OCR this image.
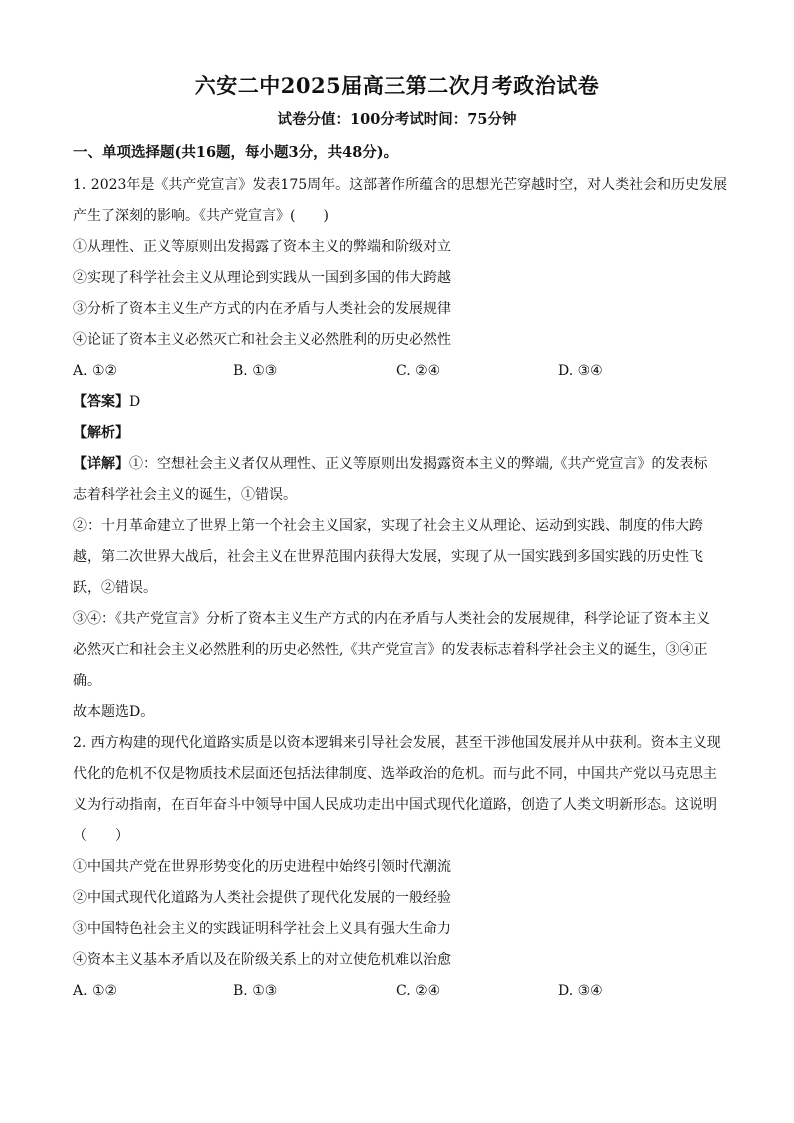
六安二中2025届高三第二次月考政治试卷
试卷分值：100分考试时间：75分钟
一、单项选择题(共16题，每小题3分，共48分)。
1. 2023年是《共产党宣言》发表175周年。这部著作所蕴含的思想光芒穿越时空，对人类社会和历史发展
产生了深刻的影响。《共产党宣言》(　　)
①从理性、正义等原则出发揭露了资本主义的弊端和阶级对立
②实现了科学社会主义从理论到实践从一国到多国的伟大跨越
③分析了资本主义生产方式的内在矛盾与人类社会的发展规律
④论证了资本主义必然灭亡和社会主义必然胜利的历史必然性
A. ①②	B. ①③	C. ②④	D. ③④
【答案】D
【解析】
【详解】①：空想社会主义者仅从理性、正义等原则出发揭露资本主义的弊端,《共产党宣言》的发表标
志着科学社会主义的诞生，①错误。
②：十月革命建立了世界上第一个社会主义国家，实现了社会主义从理论、运动到实践、制度的伟大跨
越，第二次世界大战后，社会主义在世界范围内获得大发展，实现了从一国实践到多国实践的历史性飞
跃，②错误。
③④：《共产党宣言》分析了资本主义生产方式的内在矛盾与人类社会的发展规律，科学论证了资本主义
必然灭亡和社会主义必然胜利的历史必然性,《共产党宣言》的发表标志着科学社会主义的诞生，③④正
确。
故本题选D。
2. 西方构建的现代化道路实质是以资本逻辑来引导社会发展，甚至干涉他国发展并从中获利。资本主义现
代化的危机不仅是物质技术层面还包括法律制度、选举政治的危机。而与此不同，中国共产党以马克思主
义为行动指南，在百年奋斗中领导中国人民成功走出中国式现代化道路，创造了人类文明新形态。这说明
（　　）
①中国共产党在世界形势变化的历史进程中始终引领时代潮流
②中国式现代化道路为人类社会提供了现代化发展的一般经验
③中国特色社会主义的实践证明科学社会上义具有强大生命力
④资本主义基本矛盾以及在阶级关系上的对立使危机难以治愈
A. ①②	B. ①③	C. ②④	D. ③④
